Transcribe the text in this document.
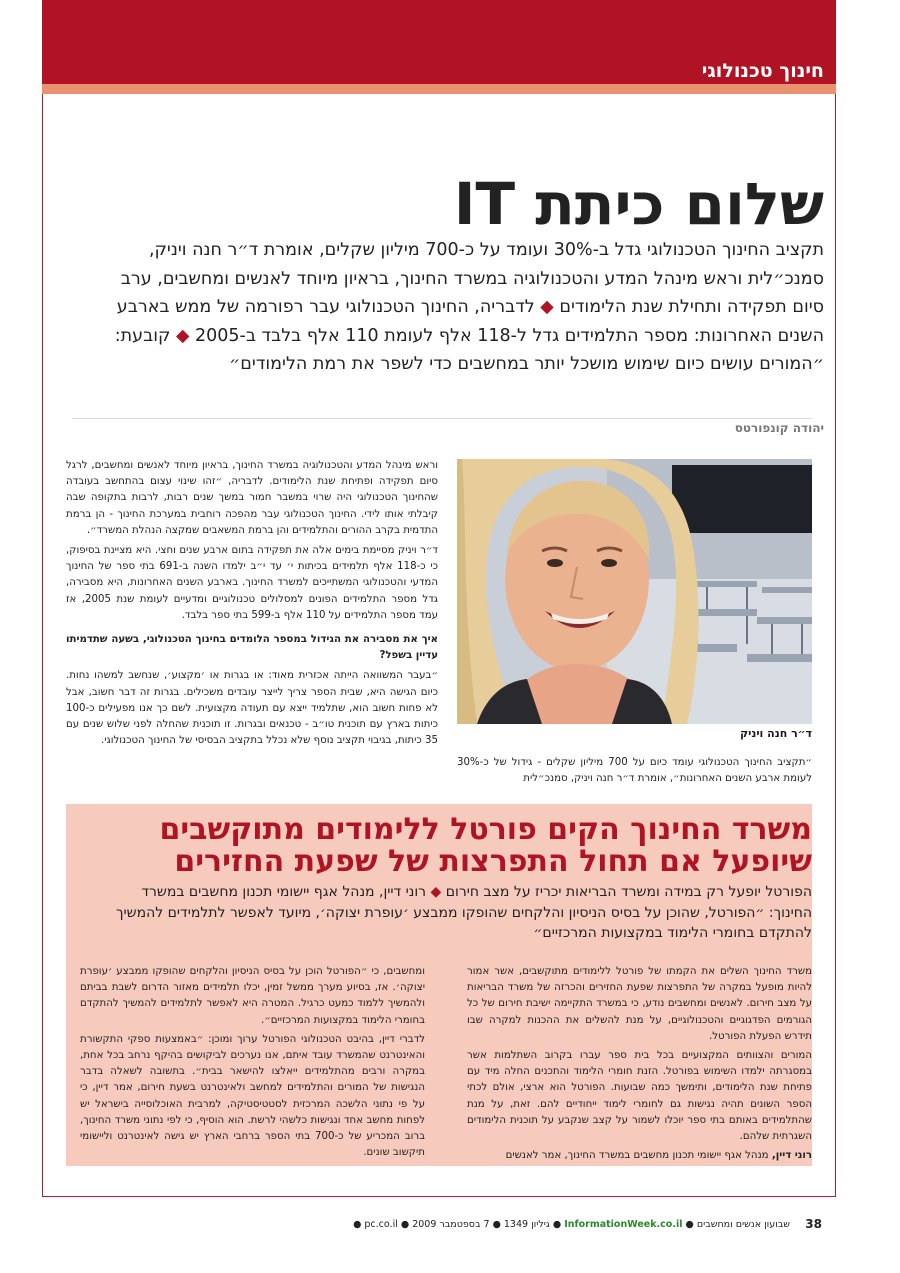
חינוך טכנולוגי
שלום כיתת IT
תקציב החינוך הטכנולוגי גדל ב-30% ועומד על כ-700 מיליון שקלים, אומרת ד״ר חנה ויניק, סמנכ״לית וראש מינהל המדע והטכנולוגיה במשרד החינוך, בראיון מיוחד לאנשים ומחשבים, ערב סיום תפקידה ותחילת שנת הלימודים ◆ לדבריה, החינוך הטכנולוגי עבר רפורמה של ממש בארבע השנים האחרונות: מספר התלמידים גדל ל-118 אלף לעומת 110 אלף בלבד ב-2005 ◆ קובעת: ״המורים עושים כיום שימוש מושכל יותר במחשבים כדי לשפר את רמת הלימודים״
יהודה קונפורטס

וראש מינהל המדע והטכנולוגיה במשרד החינוך, בראיון מיוחד לאנשים ומחשבים, לרגל סיום תפקידה ופתיחת שנת הלימודים. לדבריה, ״זהו שינוי עצום בהתחשב בעובדה שהחינוך הטכנולוגי היה שרוי במשבר חמור במשך שנים רבות, לרבות בתקופה שבה קיבלתי אותו לידי. החינוך הטכנולוגי עבר מהפכה רוחבית במערכת החינוך - הן ברמת התדמית בקרב ההורים והתלמידים והן ברמת המשאבים שמקצה הנהלת המשרד״.

ד״ר ויניק מסיימת בימים אלה את תפקידה בתום ארבע שנים וחצי. היא מציינת בסיפוק, כי כ-118 אלף תלמידים בכיתות י׳ עד י״ב ילמדו השנה ב-691 בתי ספר של החינוך המדעי והטכנולוגי המשתייכים למשרד החינוך. בארבע השנים האחרונות, היא מסבירה, גדל מספר התלמידים הפונים למסלולים טכנולוגיים ומדעיים לעומת שנת 2005, אז עמד מספר התלמידים על 110 אלף ב-599 בתי ספר בלבד.

איך את מסבירה את הגידול במספר הלומדים בחינוך הטכנולוגי, בשעה שתדמיתו עדיין בשפל?

״בעבר המשוואה הייתה אכזרית מאוד: או בגרות או ׳מקצוע׳, שנחשב למשהו נחות. כיום הגישה היא, שבית הספר צריך לייצר עובדים משכילים. בגרות זה דבר חשוב, אבל לא פחות חשוב הוא, שתלמיד ייצא עם תעודה מקצועית. לשם כך אנו מפעילים כ-100 כיתות בארץ עם תוכנית טו״ב - טכנאים ובגרות. זו תוכנית שהחלה לפני שלוש שנים עם 35 כיתות, בגיבוי תקציב נוסף שלא נכלל בתקציב הבסיסי של החינוך הטכנולוגי.

ד״ר חנה ויניק
״תקציב החינוך הטכנולוגי עומד כיום על 700 מיליון שקלים - גידול של כ-30% לעומת ארבע השנים האחרונות״, אומרת ד״ר חנה ויניק, סמנכ״לית
משרד החינוך הקים פורטל ללימודים מתוקשבים
שיופעל אם תחול התפרצות של שפעת החזירים
הפורטל יופעל רק במידה ומשרד הבריאות יכריז על מצב חירום ◆ רוני דיין, מנהל אגף יישומי תכנון מחשבים במשרד החינוך: ״הפורטל, שהוכן על בסיס הניסיון והלקחים שהופקו ממבצע ׳עופרת יצוקה׳, מיועד לאפשר לתלמידים להמשיך להתקדם בחומרי הלימוד במקצועות המרכזיים״

משרד החינוך השלים את הקמתו של פורטל ללימודים מתוקשבים, אשר אמור להיות מופעל במקרה של התפרצות שפעת החזירים והכרזה של משרד הבריאות על מצב חירום. לאנשים ומחשבים נודע, כי במשרד התקיימה ישיבת חירום של כל הגורמים הפדגוגיים והטכנולוגיים, על מנת להשלים את ההכנות למקרה שבו תידרש הפעלת הפורטל.

המורים והצוותים המקצועיים בכל בית ספר עברו בקרוב השתלמות אשר במסגרתה ילמדו השימוש בפורטל. הזנת חומרי הלימוד והתכנים החלה מיד עם פתיחת שנת הלימודים, ותימשך כמה שבועות. הפורטל הוא ארצי, אולם לכתי הספר השונים תהיה נגישות גם לחומרי לימוד ייחודיים להם. זאת, על מנת שהתלמידים באותם בתי ספר יוכלו לשמור על קצב שנקבע על תוכנית הלימודים השגרתית שלהם.

רוני דיין, מנהל אגף יישומי תכנון מחשבים במשרד החינוך, אמר לאנשים

ומחשבים, כי ״הפורטל הוכן על בסיס הניסיון והלקחים שהופקו ממבצע ׳עופרת יצוקה׳. אז, בסיוע מערך ממשל זמין, יכלו תלמידים מאזור הדרום לשבת בביתם ולהמשיך ללמוד כמעט כרגיל. המטרה היא לאפשר לתלמידים להמשיך להתקדם בחומרי הלימוד במקצועות המרכזיים״.

לדברי דיין, בהיבט הטכנולוגי הפורטל ערוך ומוכן: ״באמצעות ספקי התקשורת והאינטרנט שהמשרד עובד איתם, אנו נערכים לביקושים בהיקף נרחב בכל אחת, במקרה ורבים מהתלמידים ייאלצו להישאר בבית״. בתשובה לשאלה בדבר הנגישות של המורים והתלמידים למחשב ולאינטרנט בשעת חירום, אמר דיין, כי על פי נתוני הלשכה המרכזית לסטטיסטיקה, למרבית האוכלוסייה בישראל יש לפחות מחשב אחד ונגישות כלשהי לרשת. הוא הוסיף, כי לפי נתוני משרד החינוך, ברוב המכריע של כ-700 בתי הספר ברחבי הארץ יש גישה לאינטרנט וליישומי תיקשוב שונים.

38
שבועון אנשים ומחשבים ● InformationWeek.co.il ● גיליון 1349 ● 7 בספטמבר 2009 ● pc.co.il ●
